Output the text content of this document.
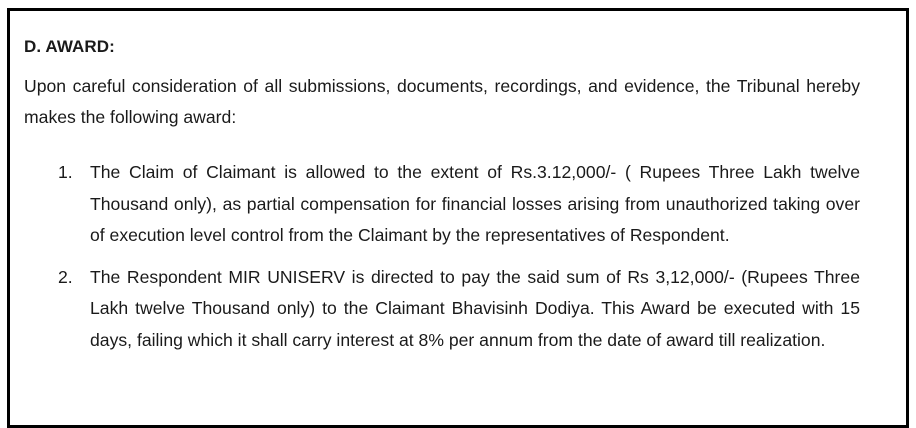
D. AWARD:

Upon careful consideration of all submissions, documents, recordings, and evidence, the Tribunal hereby makes the following award:

1. The Claim of Claimant is allowed to the extent of Rs.3.12,000/- ( Rupees Three Lakh twelve Thousand only), as partial compensation for financial losses arising from unauthorized taking over of execution level control from the Claimant by the representatives of Respondent.
2. The Respondent MIR UNISERV is directed to pay the said sum of Rs 3,12,000/- (Rupees Three Lakh twelve Thousand only) to the Claimant Bhavisinh Dodiya. This Award be executed with 15 days, failing which it shall carry interest at 8% per annum from the date of award till realization.
